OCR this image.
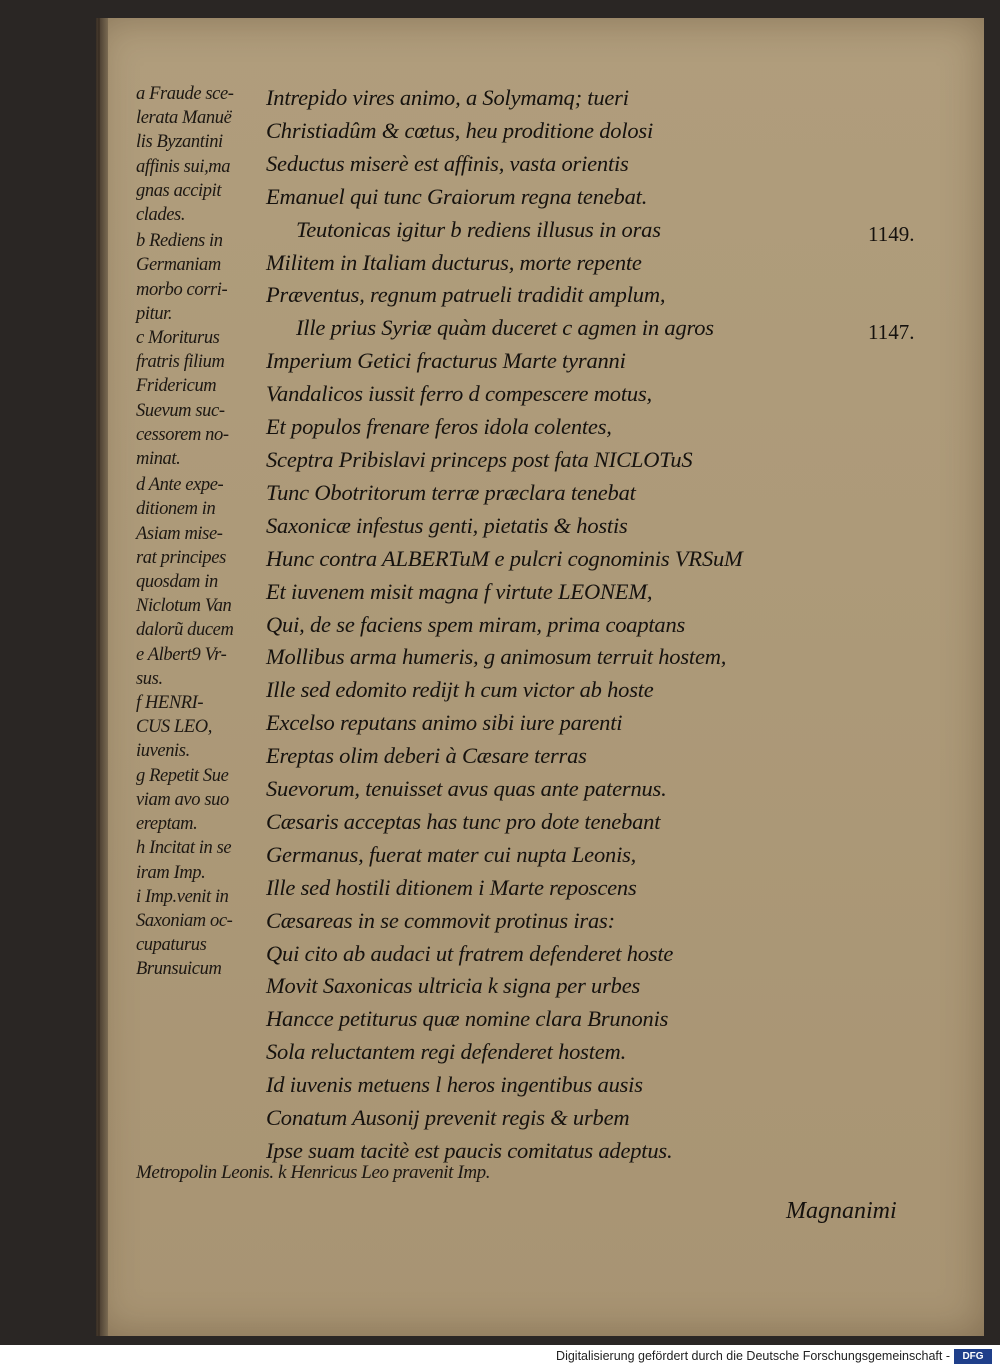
a Fraude sce-
lerata Manuë
lis Byzantini
affinis sui,ma
gnas accipit
clades.
b Rediens in
Germaniam
morbo corri-
pitur.
c Moriturus
fratris filium
Fridericum
Suevum suc-
cessorem no-
minat.
d Ante expe-
ditionem in
Asiam mise-
rat principes
quosdam in
Niclotum Van
dalorũ ducem
e Albert9 Vr-
sus.
f HENRI-
CUS LEO,
iuvenis.
g Repetit Sue
viam avo suo
ereptam.
h Incitat in se
iram Imp.
i Imp.venit in
Saxoniam oc-
cupaturus
Brunsuicum
Metropolin Leonis. k Henricus Leo pravenit Imp.
Intrepido vires animo, a Solymamq; tueri
Christiadûm & cœtus, heu proditione dolosi
Seductus miserè est affinis, vasta orientis
Emanuel qui tunc Graiorum regna tenebat.
Teutonicas igitur b rediens illusus in oras
Militem in Italiam ducturus, morte repente
Præventus, regnum patrueli tradidit amplum,
Ille prius Syriæ quàm duceret c agmen in agros
Imperium Getici fracturus Marte tyranni
Vandalicos iussit ferro d compescere motus,
Et populos frenare feros idola colentes,
Sceptra Pribislavi princeps post fata NICLOTuS
Tunc Obotritorum terræ præclara tenebat
Saxonicæ infestus genti, pietatis & hostis
Hunc contra ALBERTuM e pulcri cognominis VRSuM
Et iuvenem misit magna f virtute LEONEM,
Qui, de se faciens spem miram, prima coaptans
Mollibus arma humeris, g animosum terruit hostem,
Ille sed edomito redijt h cum victor ab hoste
Excelso reputans animo sibi iure parenti
Ereptas olim deberi à Cæsare terras
Suevorum, tenuisset avus quas ante paternus.
Cæsaris acceptas has tunc pro dote tenebant
Germanus, fuerat mater cui nupta Leonis,
Ille sed hostili ditionem i Marte reposcens
Cæsareas in se commovit protinus iras:
Qui cito ab audaci ut fratrem defenderet hoste
Movit Saxonicas ultricia k signa per urbes
Hancce petiturus quæ nomine clara Brunonis
Sola reluctantem regi defenderet hostem.
Id iuvenis metuens l heros ingentibus ausis
Conatum Ausonij prevenit regis & urbem
Ipse suam tacitè est paucis comitatus adeptus.
1149.
1147.
Magnanimi
Digitalisierung gefördert durch die Deutsche Forschungsgemeinschaft -	DFG
